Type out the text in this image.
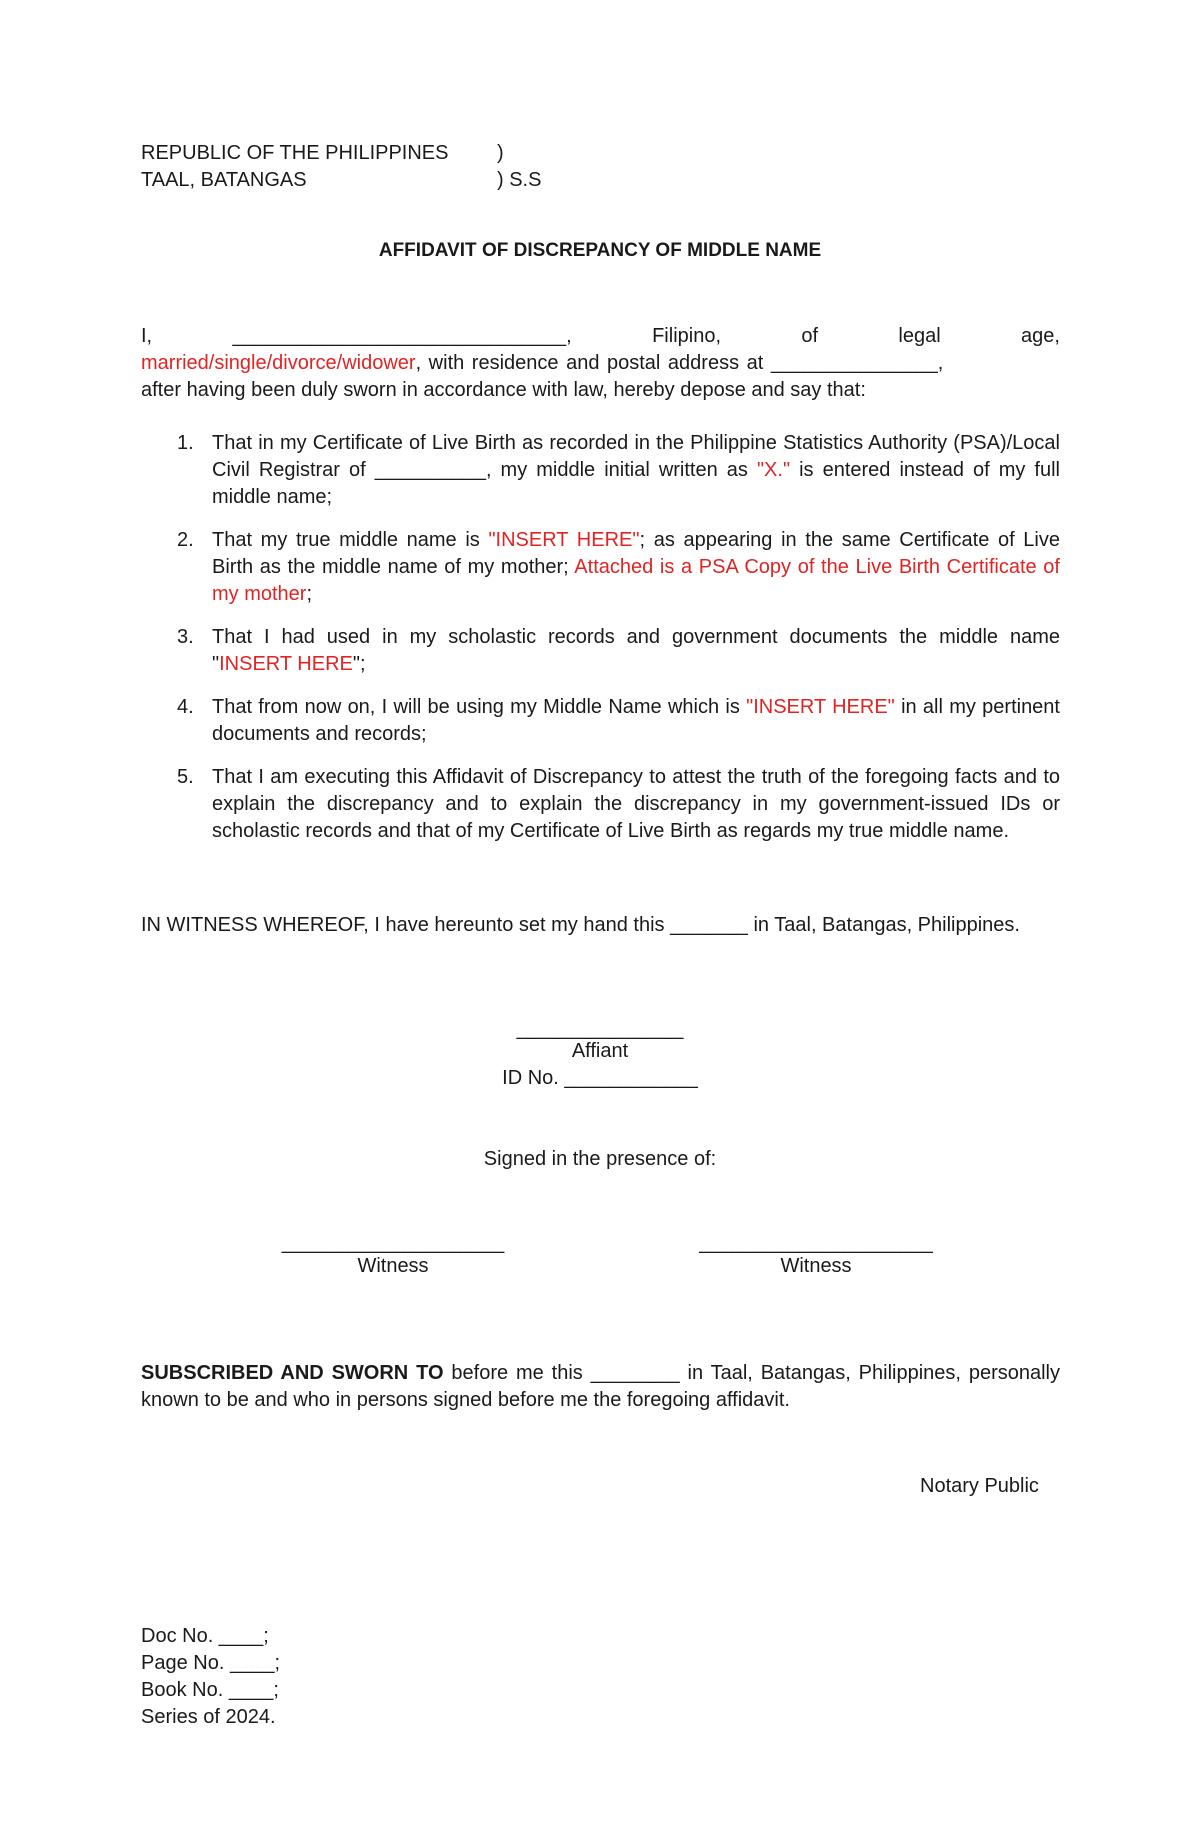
REPUBLIC OF THE PHILIPPINES )
TAAL, BATANGAS	) S.S
AFFIDAVIT OF DISCREPANCY OF MIDDLE NAME
I,	______________________________,	Filipino,	of	legal	age,
married/single/divorce/widower , with residence and postal address at _______________,
after having been duly sworn in accordance with law, hereby depose and say that:
1. That in my Certificate of Live Birth as recorded in the Philippine Statistics Authority (PSA)/Local Civil Registrar of __________, my middle initial written as "X." is entered instead of my full middle name;
2. That my true middle name is "INSERT HERE"; as appearing in the same Certificate of Live Birth as the middle name of my mother; Attached is a PSA Copy of the Live Birth Certificate of my mother;
3. That I had used in my scholastic records and government documents the middle name "INSERT HERE";
4. That from now on, I will be using my Middle Name which is "INSERT HERE" in all my pertinent documents and records;
5. That I am executing this Affidavit of Discrepancy to attest the truth of the foregoing facts and to explain the discrepancy and to explain the discrepancy in my government-issued IDs or scholastic records and that of my Certificate of Live Birth as regards my true middle name.
IN WITNESS WHEREOF, I have hereunto set my hand this _______ in Taal, Batangas, Philippines.
_______________
Affiant
ID No. ____________
Signed in the presence of:
____________________
Witness
_____________________
Witness
SUBSCRIBED AND SWORN TO before me this ________ in Taal, Batangas, Philippines, personally known to be and who in persons signed before me the foregoing affidavit.
Notary Public
Doc No. ____;
Page No. ____;
Book No. ____;
Series of 2024.
